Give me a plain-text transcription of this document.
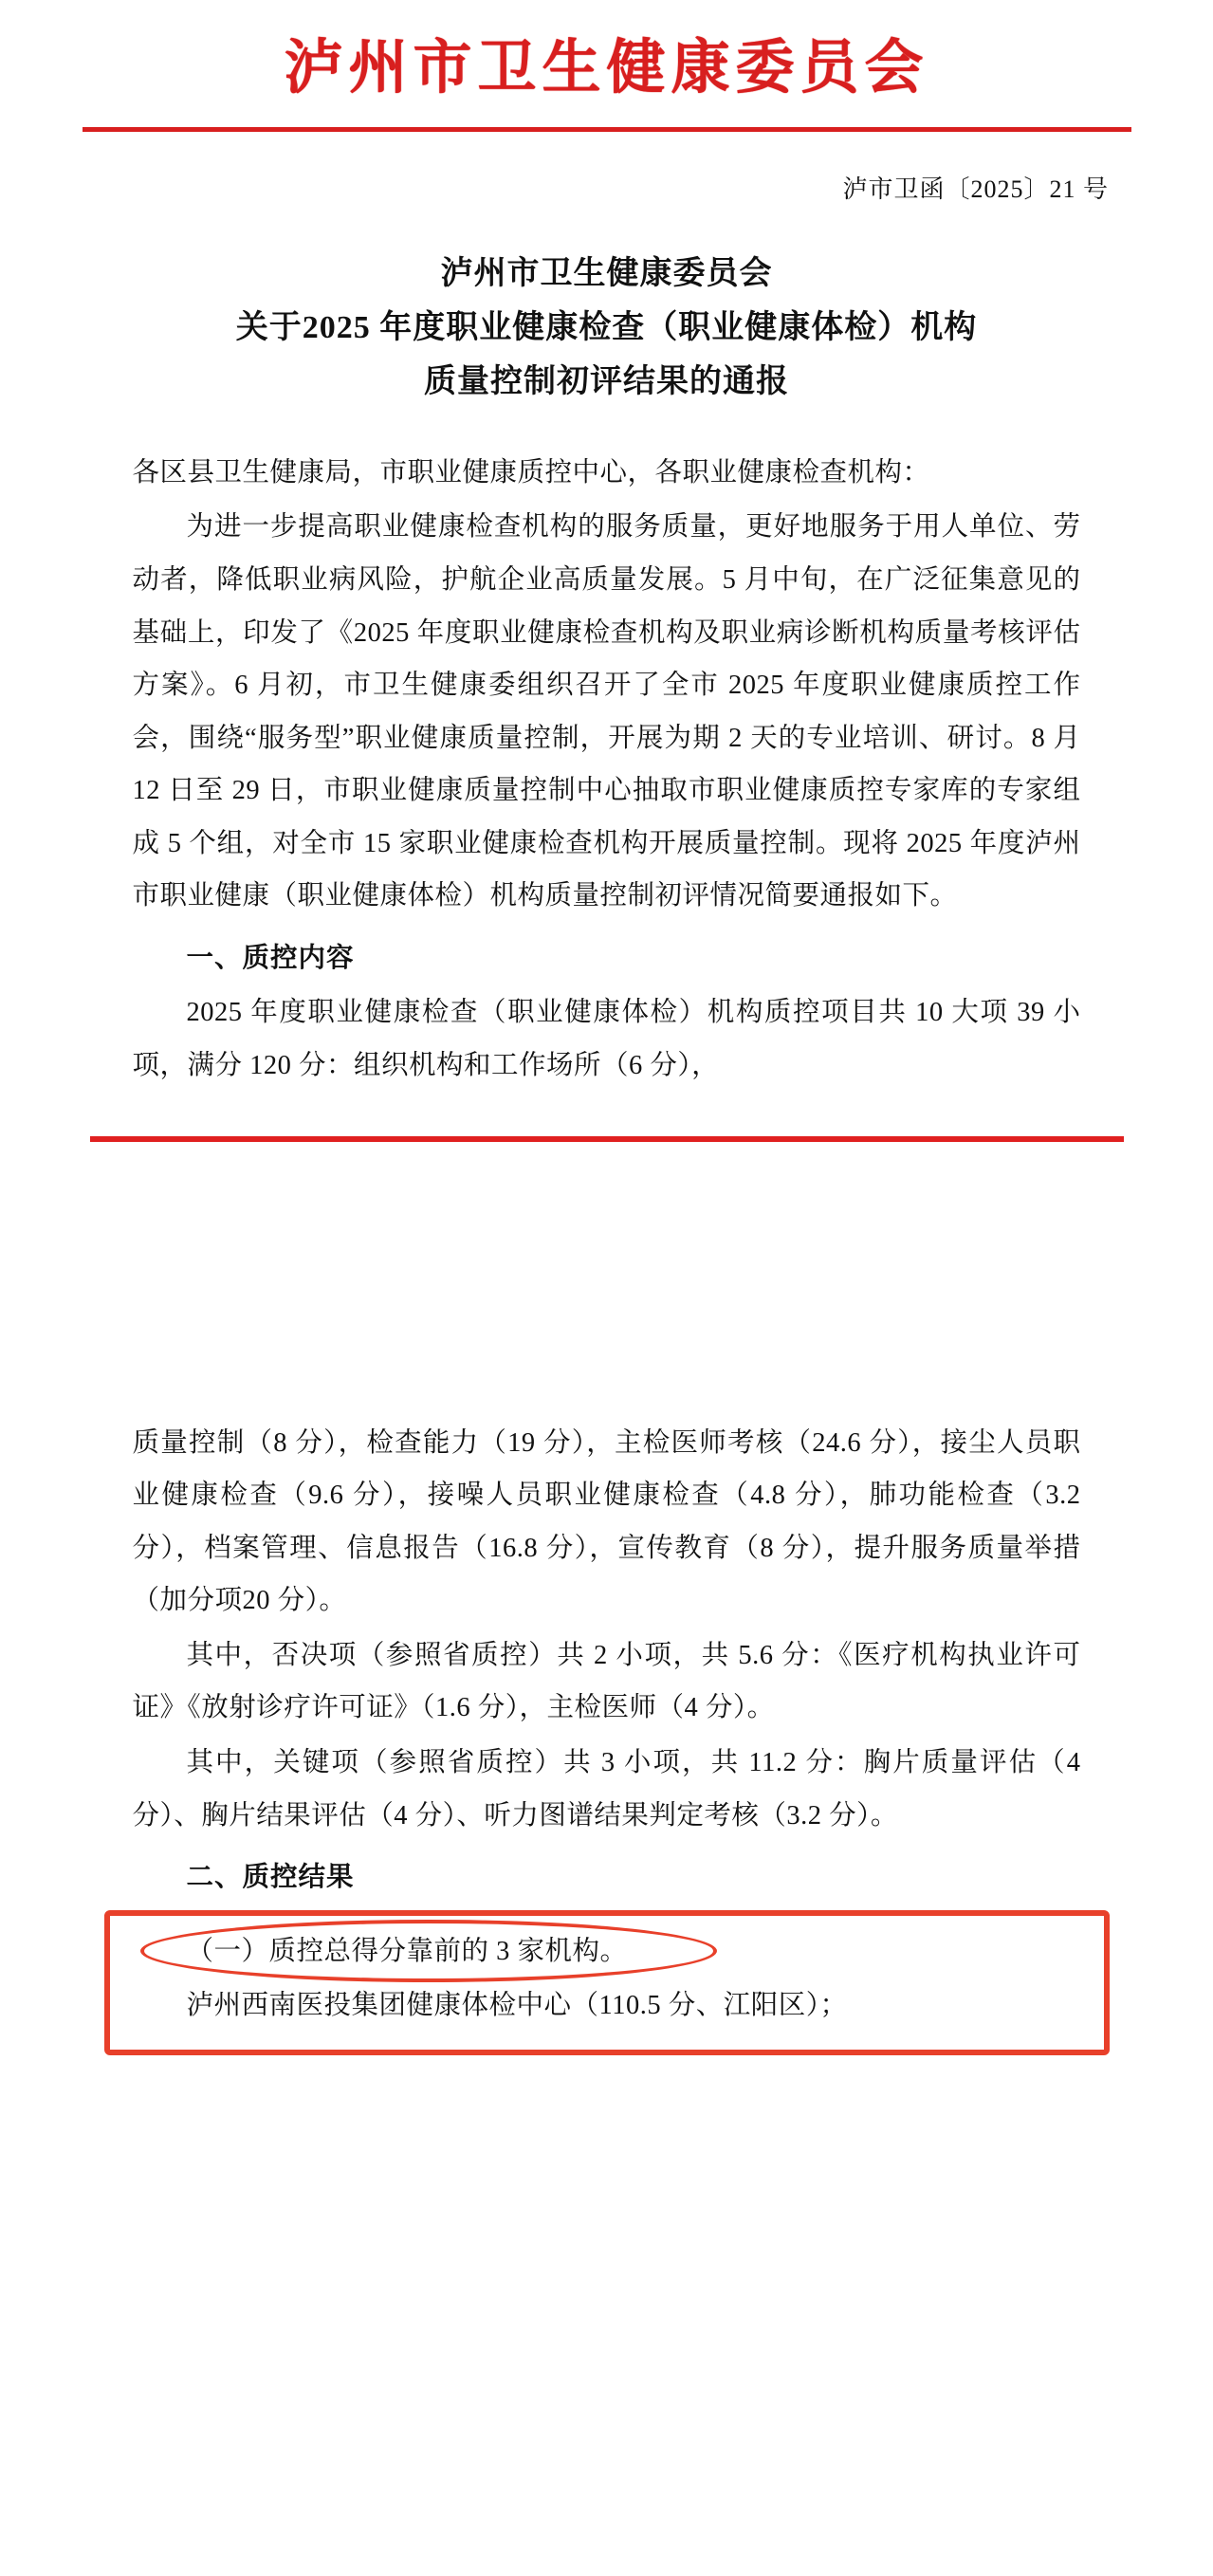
泸州市卫生健康委员会
泸市卫函〔2025〕21 号
泸州市卫生健康委员会
关于2025 年度职业健康检查（职业健康体检）机构
质量控制初评结果的通报

各区县卫生健康局，市职业健康质控中心，各职业健康检查机构：

为进一步提高职业健康检查机构的服务质量，更好地服务于用人单位、劳动者，降低职业病风险，护航企业高质量发展。5 月中旬，在广泛征集意见的基础上，印发了《2025 年度职业健康检查机构及职业病诊断机构质量考核评估方案》。6 月初，市卫生健康委组织召开了全市 2025 年度职业健康质控工作会，围绕“服务型”职业健康质量控制，开展为期 2 天的专业培训、研讨。8 月 12 日至 29 日，市职业健康质量控制中心抽取市职业健康质控专家库的专家组成 5 个组，对全市 15 家职业健康检查机构开展质量控制。现将 2025 年度泸州市职业健康（职业健康体检）机构质量控制初评情况简要通报如下。

一、质控内容

2025 年度职业健康检查（职业健康体检）机构质控项目共 10 大项 39 小项，满分 120 分：组织机构和工作场所（6 分），

质量控制（8 分），检查能力（19 分），主检医师考核（24.6 分），接尘人员职业健康检查（9.6 分），接噪人员职业健康检查（4.8 分），肺功能检查（3.2 分），档案管理、信息报告（16.8 分），宣传教育（8 分），提升服务质量举措（加分项20 分）。

其中，否决项（参照省质控）共 2 小项，共 5.6 分：《医疗机构执业许可证》《放射诊疗许可证》（1.6 分），主检医师（4 分）。

其中，关键项（参照省质控）共 3 小项，共 11.2 分：胸片质量评估（4 分）、胸片结果评估（4 分）、听力图谱结果判定考核（3.2 分）。

二、质控结果

（一）质控总得分靠前的 3 家机构。

泸州西南医投集团健康体检中心（110.5 分、江阳区）；
